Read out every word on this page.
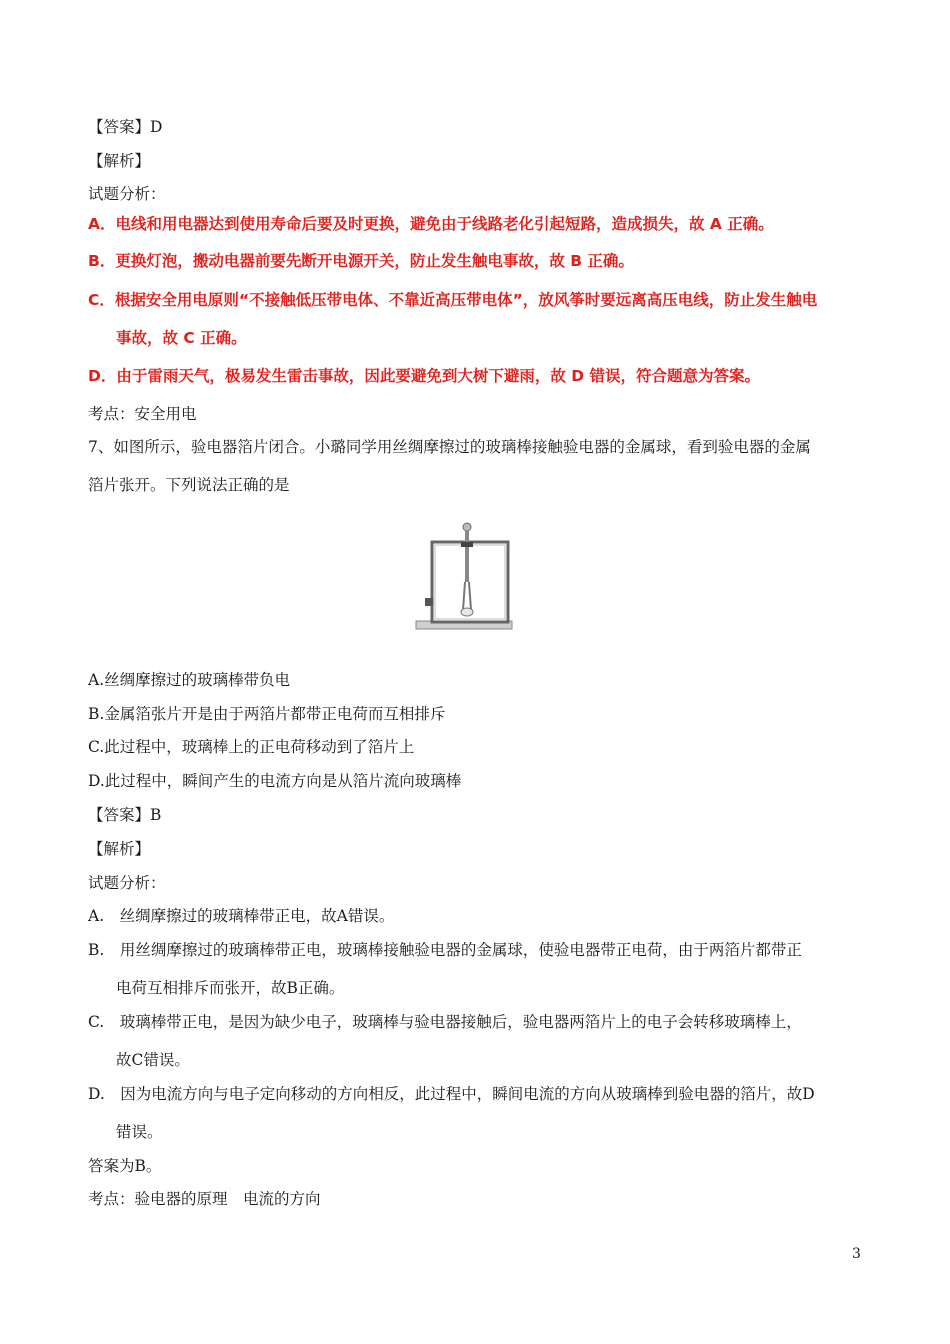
【答案】D
【解析】
试题分析：
A．电线和用电器达到使用寿命后要及时更换，避免由于线路老化引起短路，造成损失，故 A 正确。
B．更换灯泡，搬动电器前要先断开电源开关，防止发生触电事故，故 B 正确。
C．根据安全用电原则“不接触低压带电体、不靠近高压带电体”，放风筝时要远离高压电线，防止发生触电
事故，故 C 正确。
D．由于雷雨天气，极易发生雷击事故，因此要避免到大树下避雨，故 D 错误，符合题意为答案。
考点：安全用电
7、如图所示，验电器箔片闭合。小璐同学用丝绸摩擦过的玻璃棒接触验电器的金属球，看到验电器的金属
箔片张开。下列说法正确的是
A.丝绸摩擦过的玻璃棒带负电
B.金属箔张片开是由于两箔片都带正电荷而互相排斥
C.此过程中，玻璃棒上的正电荷移动到了箔片上
D.此过程中，瞬间产生的电流方向是从箔片流向玻璃棒
【答案】B
【解析】
试题分析：
A.　丝绸摩擦过的玻璃棒带正电，故A错误。
B.　用丝绸摩擦过的玻璃棒带正电，玻璃棒接触验电器的金属球，使验电器带正电荷，由于两箔片都带正
电荷互相排斥而张开，故B正确。
C.　玻璃棒带正电，是因为缺少电子，玻璃棒与验电器接触后，验电器两箔片上的电子会转移玻璃棒上，
故C错误。
D.　因为电流方向与电子定向移动的方向相反，此过程中，瞬间电流的方向从玻璃棒到验电器的箔片，故D
错误。
答案为B。
考点：验电器的原理　电流的方向
3
